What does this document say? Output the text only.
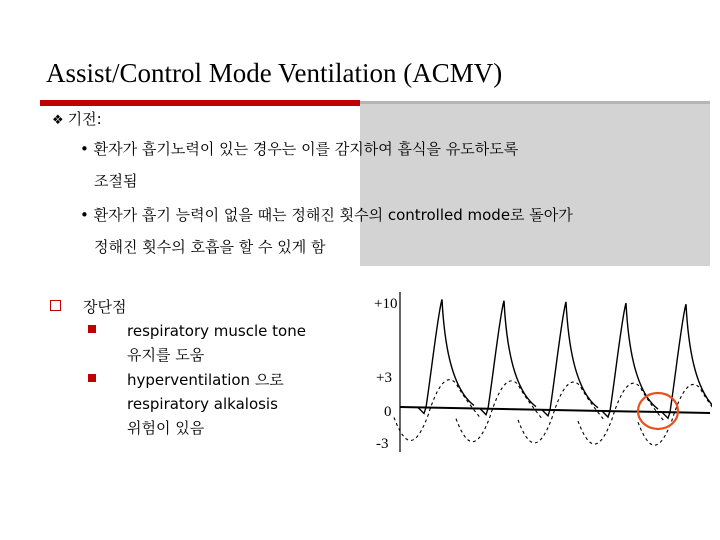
Assist/Control Mode Ventilation (ACMV)
❖ 기전:
• 환자가 흡기노력이 있는 경우는 이를 감지하여 흡식을 유도하도록
조절됨
• 환자가 흡기 능력이 없을 때는 정해진 횟수의 controlled mode로 돌아가
정해진 횟수의 호흡을 할 수 있게 함
장단점
respiratory muscle tone
유지를 도움
hyperventilation 으로
respiratory alkalosis
위험이 있음
+10
+3
0
-3
